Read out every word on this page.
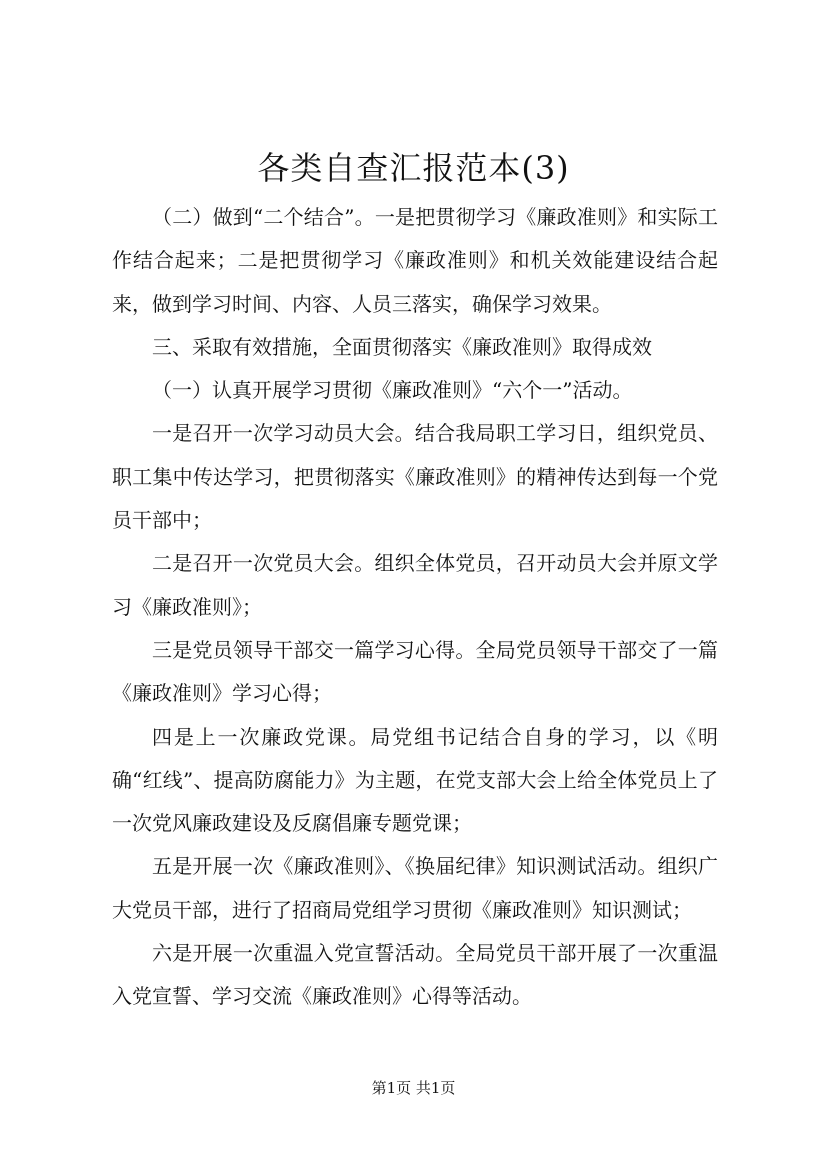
各类自查汇报范本(3)

（二）做到“二个结合”。一是把贯彻学习《廉政准则》和实际工作结合起来；二是把贯彻学习《廉政准则》和机关效能建设结合起来，做到学习时间、内容、人员三落实，确保学习效果。

三、采取有效措施，全面贯彻落实《廉政准则》取得成效

（一）认真开展学习贯彻《廉政准则》“六个一”活动。

一是召开一次学习动员大会。结合我局职工学习日，组织党员、职工集中传达学习，把贯彻落实《廉政准则》的精神传达到每一个党员干部中；

二是召开一次党员大会。组织全体党员，召开动员大会并原文学习《廉政准则》；

三是党员领导干部交一篇学习心得。全局党员领导干部交了一篇《廉政准则》学习心得；

四是上一次廉政党课。局党组书记结合自身的学习，以《明确“红线”、提高防腐能力》为主题，在党支部大会上给全体党员上了一次党风廉政建设及反腐倡廉专题党课；

五是开展一次《廉政准则》、《换届纪律》知识测试活动。组织广大党员干部，进行了招商局党组学习贯彻《廉政准则》知识测试；

六是开展一次重温入党宣誓活动。全局党员干部开展了一次重温入党宣誓、学习交流《廉政准则》心得等活动。

第1页 共1页
